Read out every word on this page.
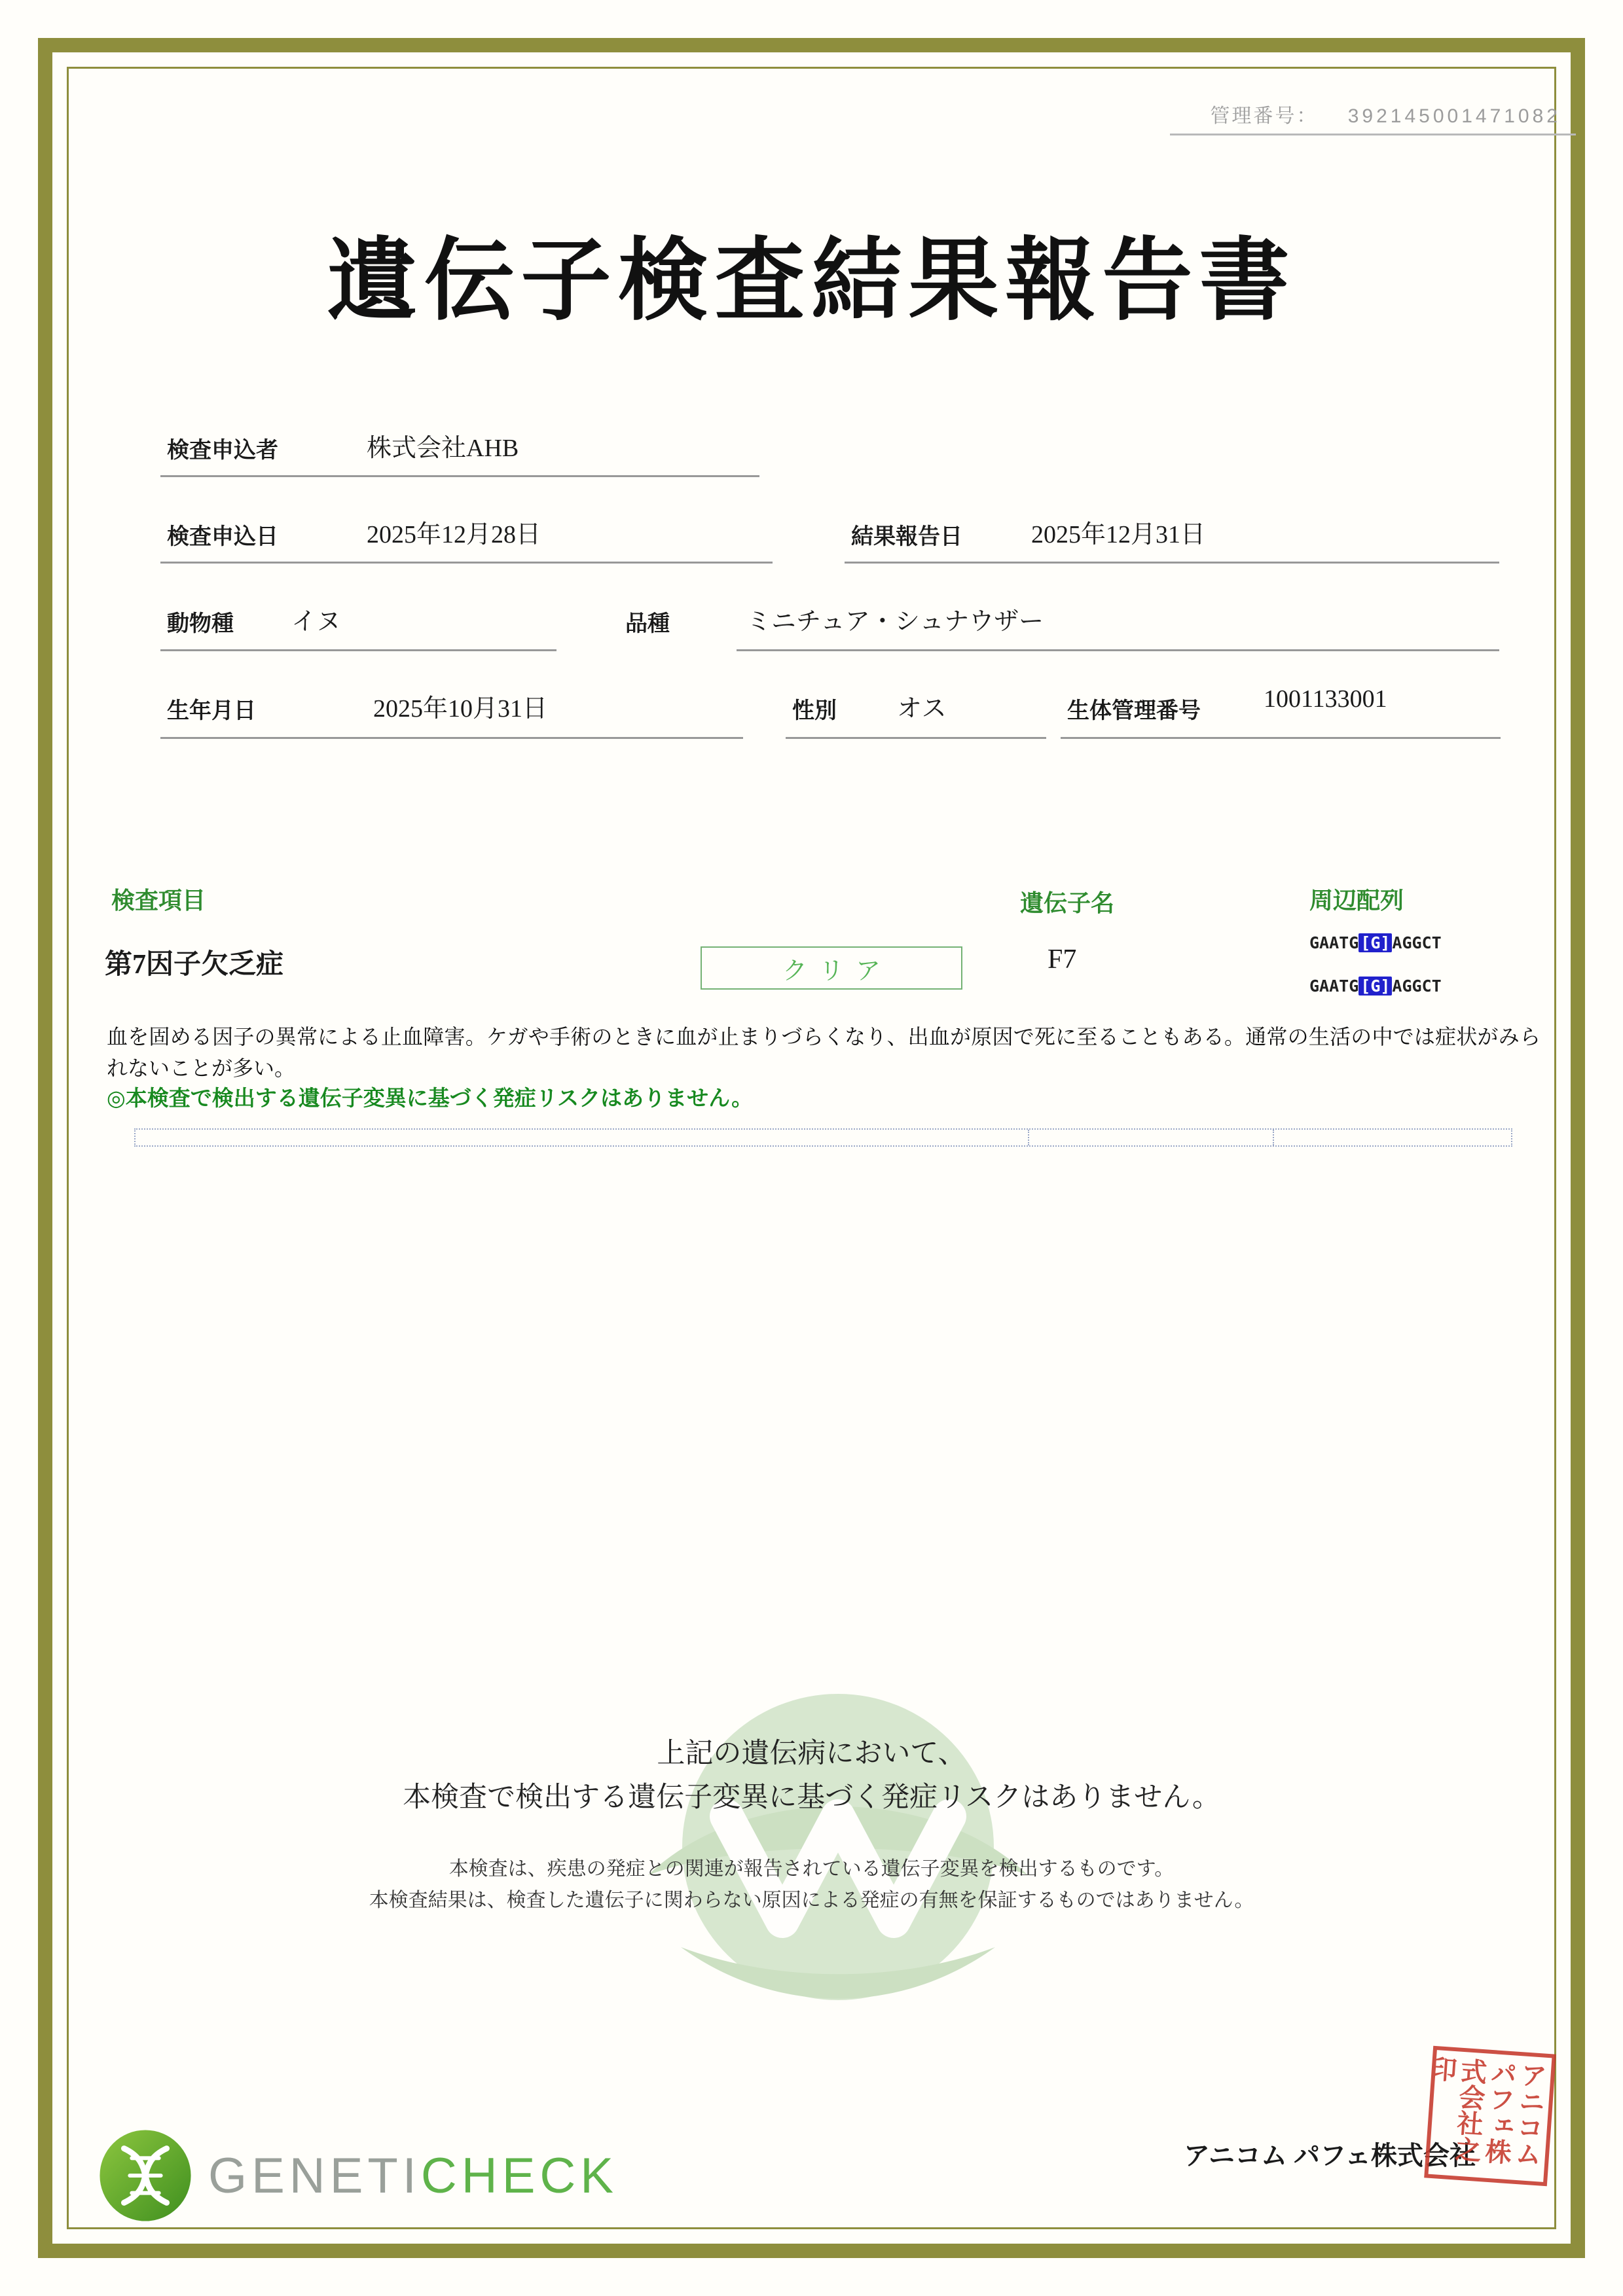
管理番号： 392145001471082
遺伝子検査結果報告書
検査申込者	株式会社AHB
検査申込日	2025年12月28日	結果報告日	2025年12月31日
動物種 イヌ	品種	ミニチュア・シュナウザー
生年月日	2025年10月31日	性別 オス	生体管理番号	1001133001
検査項目	遺伝子名	周辺配列
第7因子欠乏症	クリア	F7
GAATG [G] AGGCT
GAATG [G] AGGCT
血を固める因子の異常による止血障害。ケガや手術のときに血が止まりづらくなり、出血が原因で死に至ることもある。通常の生活の中では症状がみられないことが多い。
◎本検査で検出する遺伝子変異に基づく発症リスクはありません。
上記の遺伝病において、
本検査で検出する遺伝子変異に基づく発症リスクはありません。
本検査は、疾患の発症との関連が報告されている遺伝子変異を検出するものです。
本検査結果は、検査した遺伝子に関わらない原因による発症の有無を保証するものではありません。
GENETICHECK	アニコム パフェ株式会社	アニコムパフェ株式会社之印
